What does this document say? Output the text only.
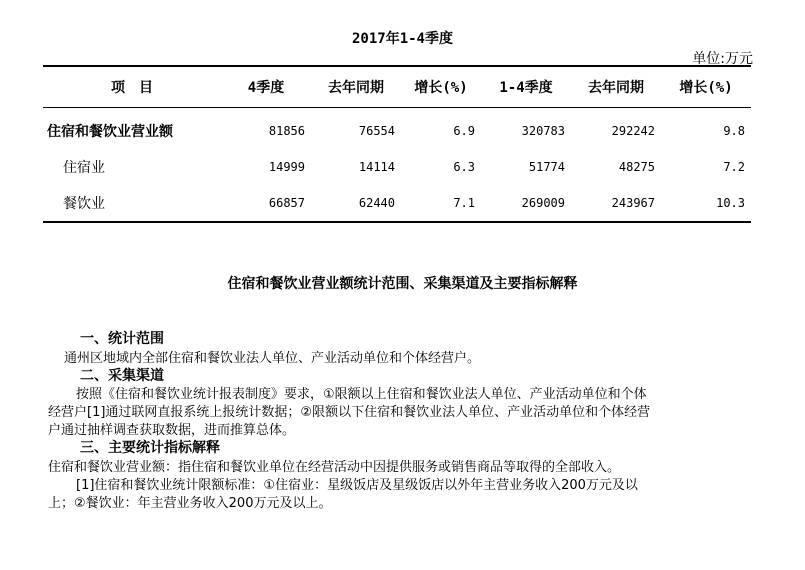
2017年1-4季度
单位:万元
项　目	4季度	去年同期	增长(%)	1-4季度	去年同期	增长(%)
住宿和餐饮业营业额	81856	76554	6.9	320783	292242	9.8
住宿业	14999	14114	6.3	51774	48275	7.2
餐饮业	66857	62440	7.1	269009	243967	10.3
住宿和餐饮业营业额统计范围、采集渠道及主要指标解释
一、统计范围
通州区地域内全部住宿和餐饮业法人单位、产业活动单位和个体经营户。
二、采集渠道
按照《住宿和餐饮业统计报表制度》要求，①限额以上住宿和餐饮业法人单位、产业活动单位和个体
经营户[1]通过联网直报系统上报统计数据；②限额以下住宿和餐饮业法人单位、产业活动单位和个体经营
户通过抽样调查获取数据，进而推算总体。
三、主要统计指标解释
住宿和餐饮业营业额：指住宿和餐饮业单位在经营活动中因提供服务或销售商品等取得的全部收入。
[1]住宿和餐饮业统计限额标准：①住宿业：星级饭店及星级饭店以外年主营业务收入200万元及以
上；②餐饮业：年主营业务收入200万元及以上。
